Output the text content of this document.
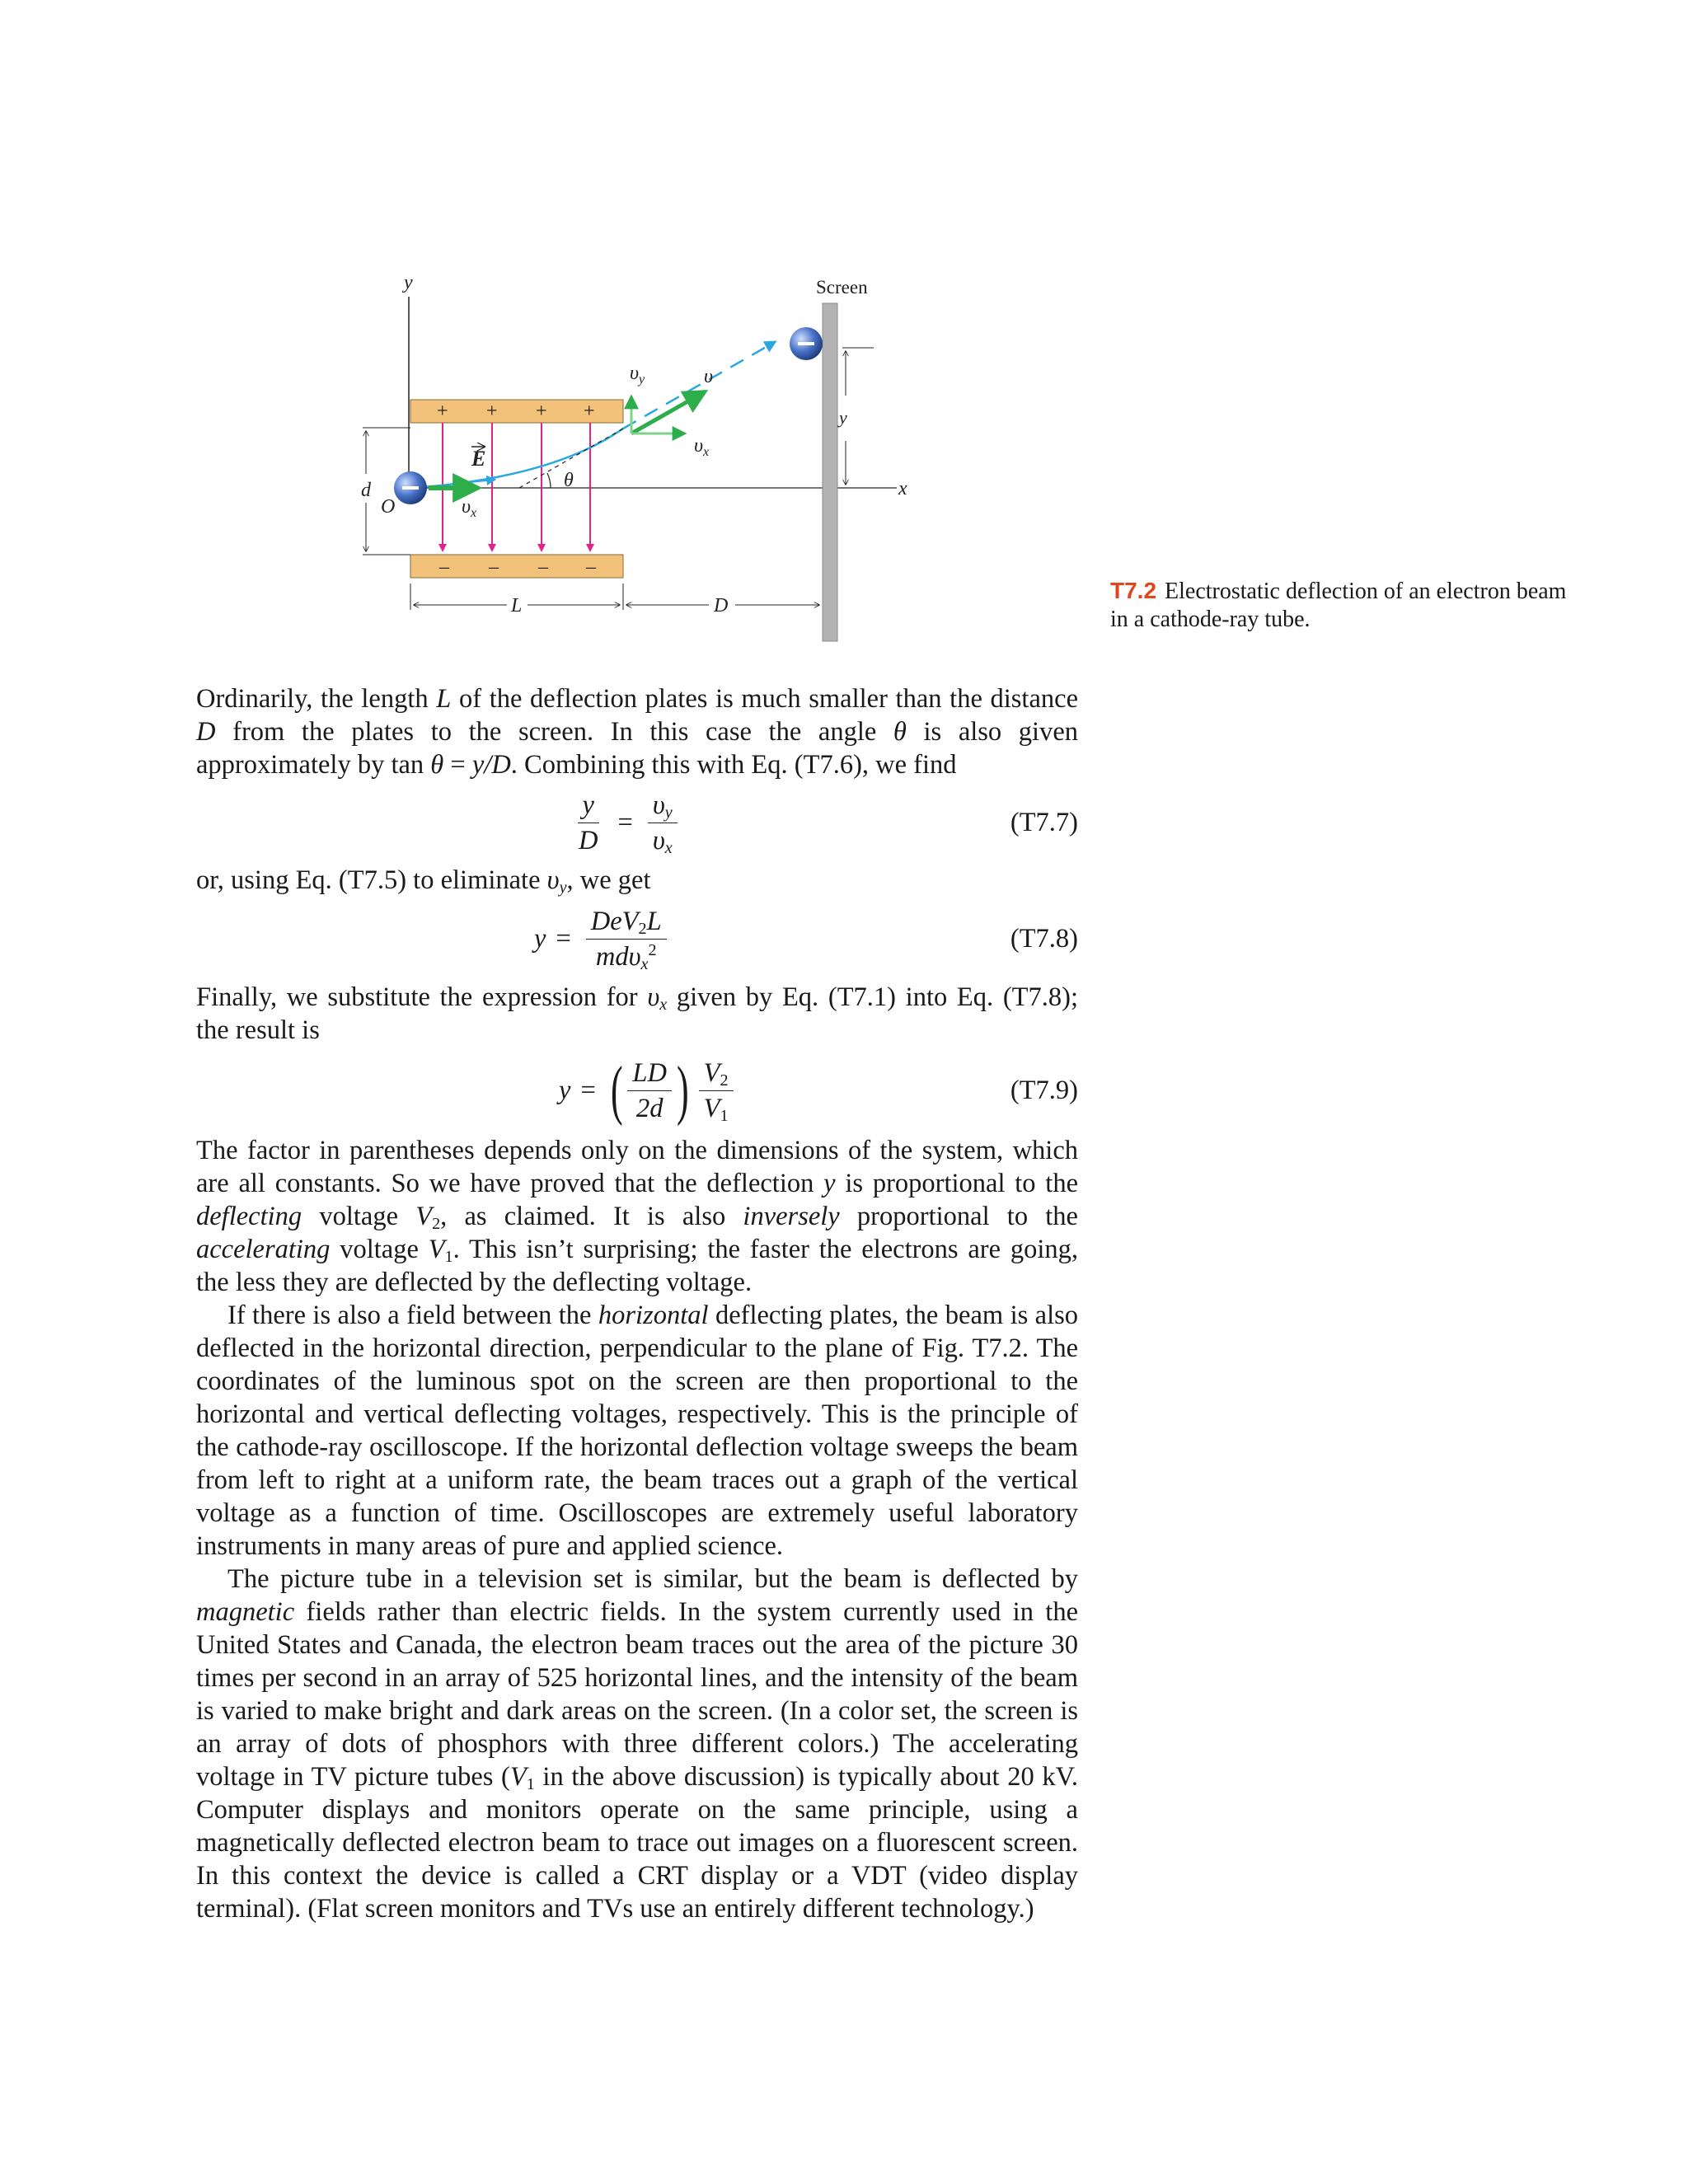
y
x
+ + + +
– – – –
E
θ
$\upsilon_x$
$\upsilon_y$	υ
$\upsilon_x$
Screen
y
d
O
L	D
T7.2 Electrostatic deflection of an electron beam in a cathode-ray tube.

Ordinarily, the length L of the deflection plates is much smaller than the distance D from the plates to the screen. In this case the angle θ is also given approximately by tan θ = y/D. Combining this with Eq. (T7.6), we find

$\frac{y}{D} = \frac{\upsilon_y}{\upsilon_x}$	(T7.7)

or, using Eq. (T7.5) to eliminate $\upsilon_y$, we get

$y = \frac{DeV_2L}{md\upsilon_x^2}$	(T7.8)

Finally, we substitute the expression for $\upsilon_x$ given by Eq. (T7.1) into Eq. (T7.8); the result is

y = ( $\frac{LD}{2d}$ ) $\frac{V_2}{V_1}$	(T7.9)

The factor in parentheses depends only on the dimensions of the system, which are all constants. So we have proved that the deflection y is proportional to the deflecting voltage $V_2$, as claimed. It is also inversely proportional to the accelerating voltage $V_1$. This isn’t surprising; the faster the electrons are going, the less they are deflected by the deflecting voltage.

If there is also a field between the horizontal deflecting plates, the beam is also deflected in the horizontal direction, perpendicular to the plane of Fig. T7.2. The coordinates of the luminous spot on the screen are then proportional to the horizontal and vertical deflecting voltages, respectively. This is the principle of the cathode-ray oscilloscope. If the horizontal deflection voltage sweeps the beam from left to right at a uniform rate, the beam traces out a graph of the vertical voltage as a function of time. Oscilloscopes are extremely useful laboratory instruments in many areas of pure and applied science.

The picture tube in a television set is similar, but the beam is deflected by magnetic fields rather than electric fields. In the system currently used in the United States and Canada, the electron beam traces out the area of the picture 30 times per second in an array of 525 horizontal lines, and the intensity of the beam is varied to make bright and dark areas on the screen. (In a color set, the screen is an array of dots of phosphors with three different colors.) The accelerating voltage in TV picture tubes ($V_1$ in the above discussion) is typically about 20 kV. Computer displays and monitors operate on the same principle, using a magnetically deflected electron beam to trace out images on a fluorescent screen. In this context the device is called a CRT display or a VDT (video display terminal). (Flat screen monitors and TVs use an entirely different technology.)
